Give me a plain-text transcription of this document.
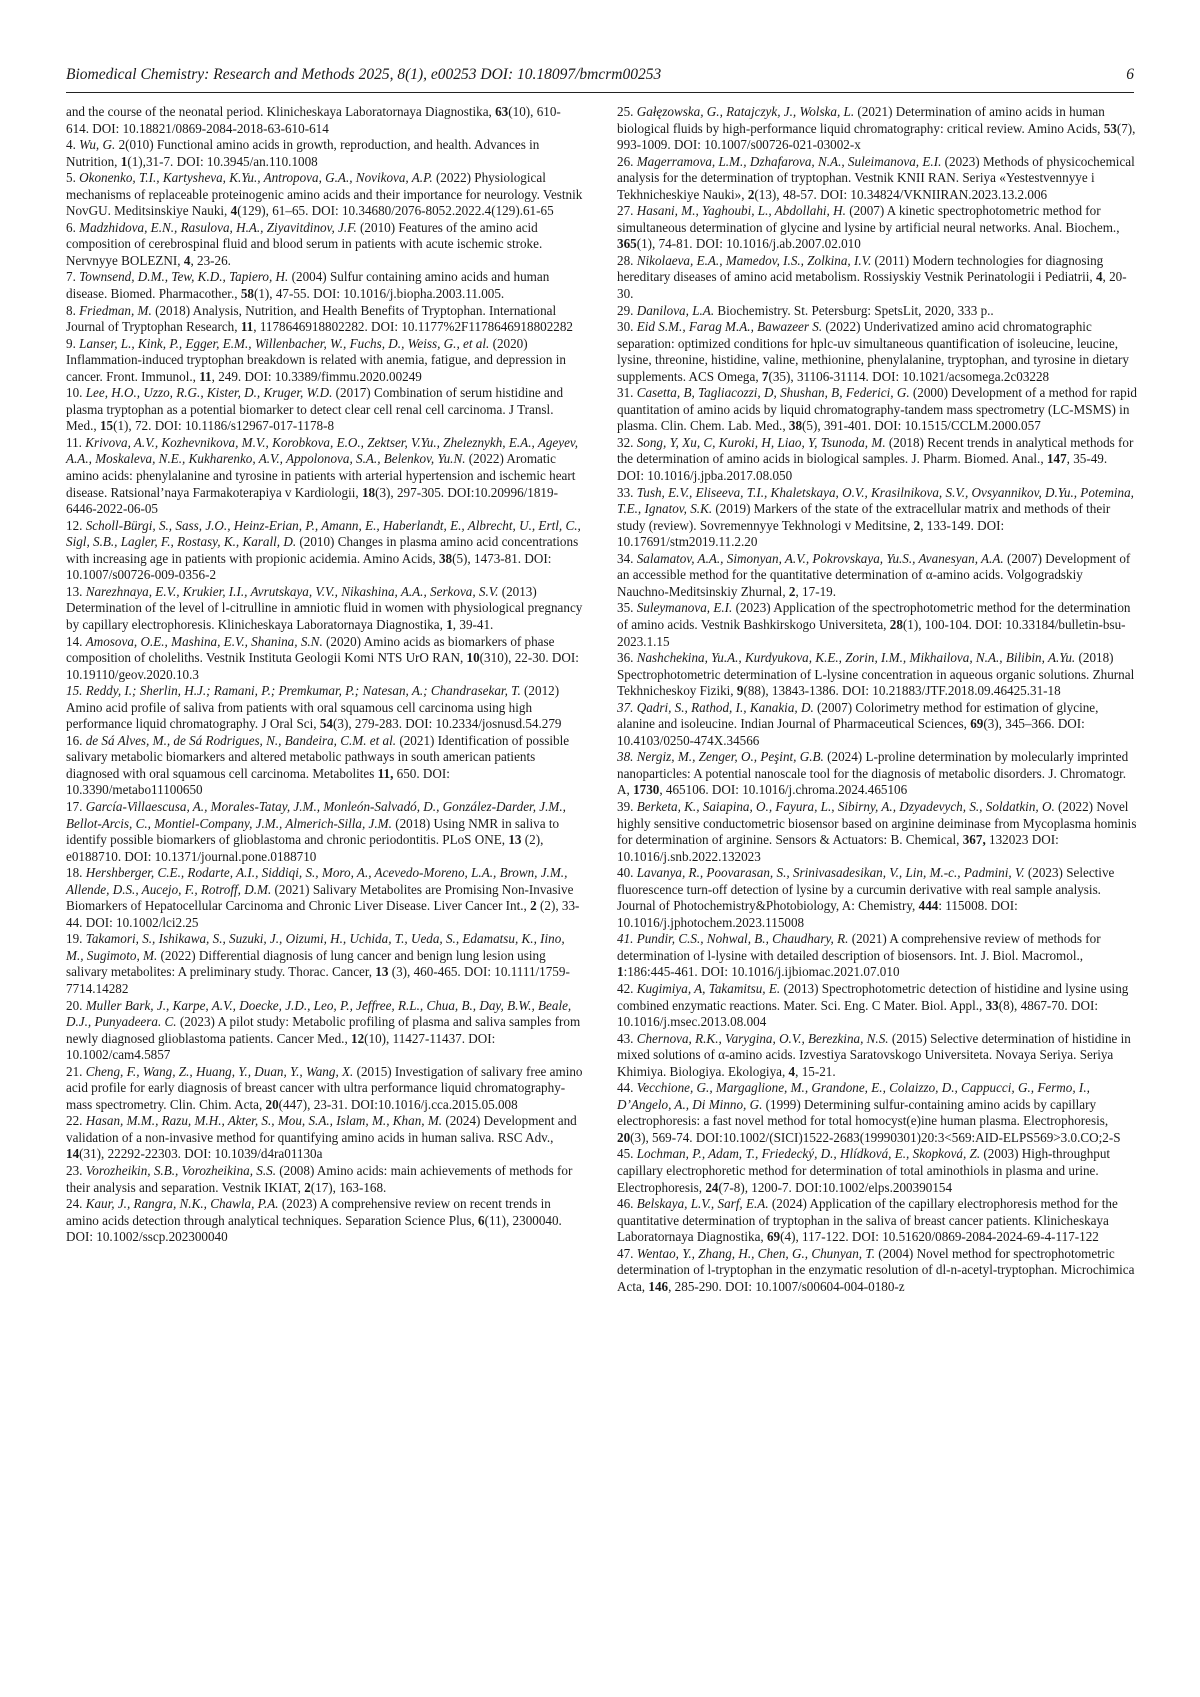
Biomedical Chemistry: Research and Methods 2025, 8(1), e00253 DOI: 10.18097/bmcrm00253	6

and the course of the neonatal period. Klinicheskaya Laboratornaya Diagnostika, 63(10), 610-614. DOI: 10.18821/0869-2084-2018-63-610-614

4. Wu, G. 2(010) Functional amino acids in growth, reproduction, and health. Advances in Nutrition, 1(1),31-7. DOI: 10.3945/an.110.1008

5. Okonenko, T.I., Kartysheva, K.Yu., Antropova, G.A., Novikova, A.P. (2022) Physiological mechanisms of replaceable proteinogenic amino acids and their importance for neurology. Vestnik NovGU. Meditsinskiye Nauki, 4(129), 61–65. DOI: 10.34680/2076-8052.2022.4(129).61-65

6. Madzhidova, E.N., Rasulova, H.A., Ziyavitdinov, J.F. (2010) Features of the amino acid composition of cerebrospinal fluid and blood serum in patients with acute ischemic stroke. Nervnyye BOLEZNI, 4, 23-26.

7. Townsend, D.M., Tew, K.D., Tapiero, H. (2004) Sulfur containing amino acids and human disease. Biomed. Pharmacother., 58(1), 47-55. DOI: 10.1016/j.biopha.2003.11.005.

8. Friedman, M. (2018) Analysis, Nutrition, and Health Benefits of Tryptophan. International Journal of Tryptophan Research, 11, 1178646918802282. DOI: 10.1177%2F1178646918802282

9. Lanser, L., Kink, P., Egger, E.M., Willenbacher, W., Fuchs, D., Weiss, G., et al. (2020) Inflammation-induced tryptophan breakdown is related with anemia, fatigue, and depression in cancer. Front. Immunol., 11, 249. DOI: 10.3389/fimmu.2020.00249

10. Lee, H.O., Uzzo, R.G., Kister, D., Kruger, W.D. (2017) Combination of serum histidine and plasma tryptophan as a potential biomarker to detect clear cell renal cell carcinoma. J Transl. Med., 15(1), 72. DOI: 10.1186/s12967-017-1178-8

11. Krivova, A.V., Kozhevnikova, M.V., Korobkova, E.O., Zektser, V.Yu., Zheleznykh, E.A., Ageyev, A.A., Moskaleva, N.E., Kukharenko, A.V., Appolonova, S.A., Belenkov, Yu.N. (2022) Aromatic amino acids: phenylalanine and tyrosine in patients with arterial hypertension and ischemic heart disease. Ratsional’naya Farmakoterapiya v Kardiologii, 18(3), 297-305. DOI:10.20996/1819-6446-2022-06-05

12. Scholl-Bürgi, S., Sass, J.O., Heinz-Erian, P., Amann, E., Haberlandt, E., Albrecht, U., Ertl, C., Sigl, S.B., Lagler, F., Rostasy, K., Karall, D. (2010) Changes in plasma amino acid concentrations with increasing age in patients with propionic acidemia. Amino Acids, 38(5), 1473-81. DOI: 10.1007/s00726-009-0356-2

13. Narezhnaya, E.V., Krukier, I.I., Avrutskaya, V.V., Nikashina, A.A., Serkova, S.V. (2013) Determination of the level of l-citrulline in amniotic fluid in women with physiological pregnancy by capillary electrophoresis. Klinicheskaya Laboratornaya Diagnostika, 1, 39-41.

14. Amosova, O.E., Mashina, E.V., Shanina, S.N. (2020) Amino acids as biomarkers of phase composition of choleliths. Vestnik Instituta Geologii Komi NTS UrO RAN, 10(310), 22-30. DOI: 10.19110/geov.2020.10.3

15. Reddy, I.; Sherlin, H.J.; Ramani, P.; Premkumar, P.; Natesan, A.; Chandrasekar, T. (2012) Amino acid profile of saliva from patients with oral squamous cell carcinoma using high performance liquid chromatography. J Oral Sci, 54(3), 279-283. DOI: 10.2334/josnusd.54.279

16. de Sá Alves, M., de Sá Rodrigues, N., Bandeira, C.M. et al. (2021) Identification of possible salivary metabolic biomarkers and altered metabolic pathways in south american patients diagnosed with oral squamous cell carcinoma. Metabolites 11, 650. DOI: 10.3390/metabo11100650

17. García-Villaescusa, A., Morales-Tatay, J.M., Monleón-Salvadó, D., González-Darder, J.M., Bellot-Arcis, C., Montiel-Company, J.M., Almerich-Silla, J.M. (2018) Using NMR in saliva to identify possible biomarkers of glioblastoma and chronic periodontitis. PLoS ONE, 13 (2), e0188710. DOI: 10.1371/journal.pone.0188710

18. Hershberger, C.E., Rodarte, A.I., Siddiqi, S., Moro, A., Acevedo-Moreno, L.A., Brown, J.M., Allende, D.S., Aucejo, F., Rotroff, D.M. (2021) Salivary Metabolites are Promising Non-Invasive Biomarkers of Hepatocellular Carcinoma and Chronic Liver Disease. Liver Cancer Int., 2 (2), 33-44. DOI: 10.1002/lci2.25

19. Takamori, S., Ishikawa, S., Suzuki, J., Oizumi, H., Uchida, T., Ueda, S., Edamatsu, K., Iino, M., Sugimoto, M. (2022) Differential diagnosis of lung cancer and benign lung lesion using salivary metabolites: A preliminary study. Thorac. Cancer, 13 (3), 460-465. DOI: 10.1111/1759-7714.14282

20. Muller Bark, J., Karpe, A.V., Doecke, J.D., Leo, P., Jeffree, R.L., Chua, B., Day, B.W., Beale, D.J., Punyadeera. C. (2023) A pilot study: Metabolic profiling of plasma and saliva samples from newly diagnosed glioblastoma patients. Cancer Med., 12(10), 11427-11437. DOI: 10.1002/cam4.5857

21. Cheng, F., Wang, Z., Huang, Y., Duan, Y., Wang, X. (2015) Investigation of salivary free amino acid profile for early diagnosis of breast cancer with ultra performance liquid chromatography-mass spectrometry. Clin. Chim. Acta, 20(447), 23-31. DOI:10.1016/j.cca.2015.05.008

22. Hasan, M.M., Razu, M.H., Akter, S., Mou, S.A., Islam, M., Khan, M. (2024) Development and validation of a non-invasive method for quantifying amino acids in human saliva. RSC Adv., 14(31), 22292-22303. DOI: 10.1039/d4ra01130a

23. Vorozheikin, S.B., Vorozheikina, S.S. (2008) Amino acids: main achievements of methods for their analysis and separation. Vestnik IKIAT, 2(17), 163-168.

24. Kaur, J., Rangra, N.K., Chawla, P.A. (2023) A comprehensive review on recent trends in amino acids detection through analytical techniques. Separation Science Plus, 6(11), 2300040. DOI: 10.1002/sscp.202300040

25. Gałęzowska, G., Ratajczyk, J., Wolska, L. (2021) Determination of amino acids in human biological fluids by high-performance liquid chromatography: critical review. Amino Acids, 53(7), 993-1009. DOI: 10.1007/s00726-021-03002-x

26. Magerramova, L.M., Dzhafarova, N.A., Suleimanova, E.I. (2023) Methods of physicochemical analysis for the determination of tryptophan. Vestnik KNII RAN. Seriya «Yestestvennyye i Tekhnicheskiye Nauki», 2(13), 48-57. DOI: 10.34824/VKNIIRAN.2023.13.2.006

27. Hasani, M., Yaghoubi, L., Abdollahi, H. (2007) A kinetic spectrophotometric method for simultaneous determination of glycine and lysine by artificial neural networks. Anal. Biochem., 365(1), 74-81. DOI: 10.1016/j.ab.2007.02.010

28. Nikolaeva, E.A., Mamedov, I.S., Zolkina, I.V. (2011) Modern technologies for diagnosing hereditary diseases of amino acid metabolism. Rossiyskiy Vestnik Perinatologii i Pediatrii, 4, 20-30.

29. Danilova, L.A. Biochemistry. St. Petersburg: SpetsLit, 2020, 333 p..

30. Eid S.M., Farag M.A., Bawazeer S. (2022) Underivatized amino acid chromatographic separation: optimized conditions for hplc-uv simultaneous quantification of isoleucine, leucine, lysine, threonine, histidine, valine, methionine, phenylalanine, tryptophan, and tyrosine in dietary supplements. ACS Omega, 7(35), 31106-31114. DOI: 10.1021/acsomega.2c03228

31. Casetta, B, Tagliacozzi, D, Shushan, B, Federici, G. (2000) Development of a method for rapid quantitation of amino acids by liquid chromatography-tandem mass spectrometry (LC-MSMS) in plasma. Clin. Chem. Lab. Med., 38(5), 391-401. DOI: 10.1515/CCLM.2000.057

32. Song, Y, Xu, C, Kuroki, H, Liao, Y, Tsunoda, M. (2018) Recent trends in analytical methods for the determination of amino acids in biological samples. J. Pharm. Biomed. Anal., 147, 35-49. DOI: 10.1016/j.jpba.2017.08.050

33. Tush, E.V., Eliseeva, T.I., Khaletskaya, O.V., Krasilnikova, S.V., Ovsyannikov, D.Yu., Potemina, T.E., Ignatov, S.K. (2019) Markers of the state of the extracellular matrix and methods of their study (review). Sovremennyye Tekhnologi v Meditsine, 2, 133-149. DOI: 10.17691/stm2019.11.2.20

34. Salamatov, A.A., Simonyan, A.V., Pokrovskaya, Yu.S., Avanesyan, A.A. (2007) Development of an accessible method for the quantitative determination of α-amino acids. Volgogradskiy Nauchno-Meditsinskiy Zhurnal, 2, 17-19.

35. Suleymanova, E.I. (2023) Application of the spectrophotometric method for the determination of amino acids. Vestnik Bashkirskogo Universiteta, 28(1), 100-104. DOI: 10.33184/bulletin-bsu-2023.1.15

36. Nashchekina, Yu.A., Kurdyukova, K.E., Zorin, I.M., Mikhailova, N.A., Bilibin, A.Yu. (2018) Spectrophotometric determination of L-lysine concentration in aqueous organic solutions. Zhurnal Tekhnicheskoy Fiziki, 9(88), 13843-1386. DOI: 10.21883/JTF.2018.09.46425.31-18

37. Qadri, S., Rathod, I., Kanakia, D. (2007) Colorimetry method for estimation of glycine, alanine and isoleucine. Indian Journal of Pharmaceutical Sciences, 69(3), 345–366. DOI: 10.4103/0250-474X.34566

38. Nergiz, M., Zenger, O., Peşint, G.B. (2024) L-proline determination by molecularly imprinted nanoparticles: A potential nanoscale tool for the diagnosis of metabolic disorders. J. Chromatogr. A, 1730, 465106. DOI: 10.1016/j.chroma.2024.465106

39. Berketa, K., Saiapina, O., Fayura, L., Sibirny, A., Dzyadevych, S., Soldatkin, O. (2022) Novel highly sensitive conductometric biosensor based on arginine deiminase from Mycoplasma hominis for determination of arginine. Sensors & Actuators: B. Chemical, 367, 132023 DOI: 10.1016/j.snb.2022.132023

40. Lavanya, R., Poovarasan, S., Srinivasadesikan, V., Lin, M.-c., Padmini, V. (2023) Selective fluorescence turn-off detection of lysine by a curcumin derivative with real sample analysis. Journal of Photochemistry&Photobiology, A: Chemistry, 444: 115008. DOI: 10.1016/j.jphotochem.2023.115008

41. Pundir, C.S., Nohwal, B., Chaudhary, R. (2021) A comprehensive review of methods for determination of l-lysine with detailed description of biosensors. Int. J. Biol. Macromol., 1:186:445-461. DOI: 10.1016/j.ijbiomac.2021.07.010

42. Kugimiya, A, Takamitsu, E. (2013) Spectrophotometric detection of histidine and lysine using combined enzymatic reactions. Mater. Sci. Eng. C Mater. Biol. Appl., 33(8), 4867-70. DOI: 10.1016/j.msec.2013.08.004

43. Chernova, R.K., Varygina, O.V., Berezkina, N.S. (2015) Selective determination of histidine in mixed solutions of α-amino acids. Izvestiya Saratovskogo Universiteta. Novaya Seriya. Seriya Khimiya. Biologiya. Ekologiya, 4, 15-21.

44. Vecchione, G., Margaglione, M., Grandone, E., Colaizzo, D., Cappucci, G., Fermo, I., D’Angelo, A., Di Minno, G. (1999) Determining sulfur-containing amino acids by capillary electrophoresis: a fast novel method for total homocyst(e)ine human plasma. Electrophoresis, 20(3), 569-74. DOI:10.1002/(SICI)1522-2683(19990301)20:3<569:AID-ELPS569>3.0.CO;2-S

45. Lochman, P., Adam, T., Friedecký, D., Hlídková, E., Skopková, Z. (2003) High-throughput capillary electrophoretic method for determination of total aminothiols in plasma and urine. Electrophoresis, 24(7-8), 1200-7. DOI:10.1002/elps.200390154

46. Belskaya, L.V., Sarf, E.A. (2024) Application of the capillary electrophoresis method for the quantitative determination of tryptophan in the saliva of breast cancer patients. Klinicheskaya Laboratornaya Diagnostika, 69(4), 117-122. DOI: 10.51620/0869-2084-2024-69-4-117-122

47. Wentao, Y., Zhang, H., Chen, G., Chunyan, T. (2004) Novel method for spectrophotometric determination of l-tryptophan in the enzymatic resolution of dl-n-acetyl-tryptophan. Microchimica Acta, 146, 285-290. DOI: 10.1007/s00604-004-0180-z
